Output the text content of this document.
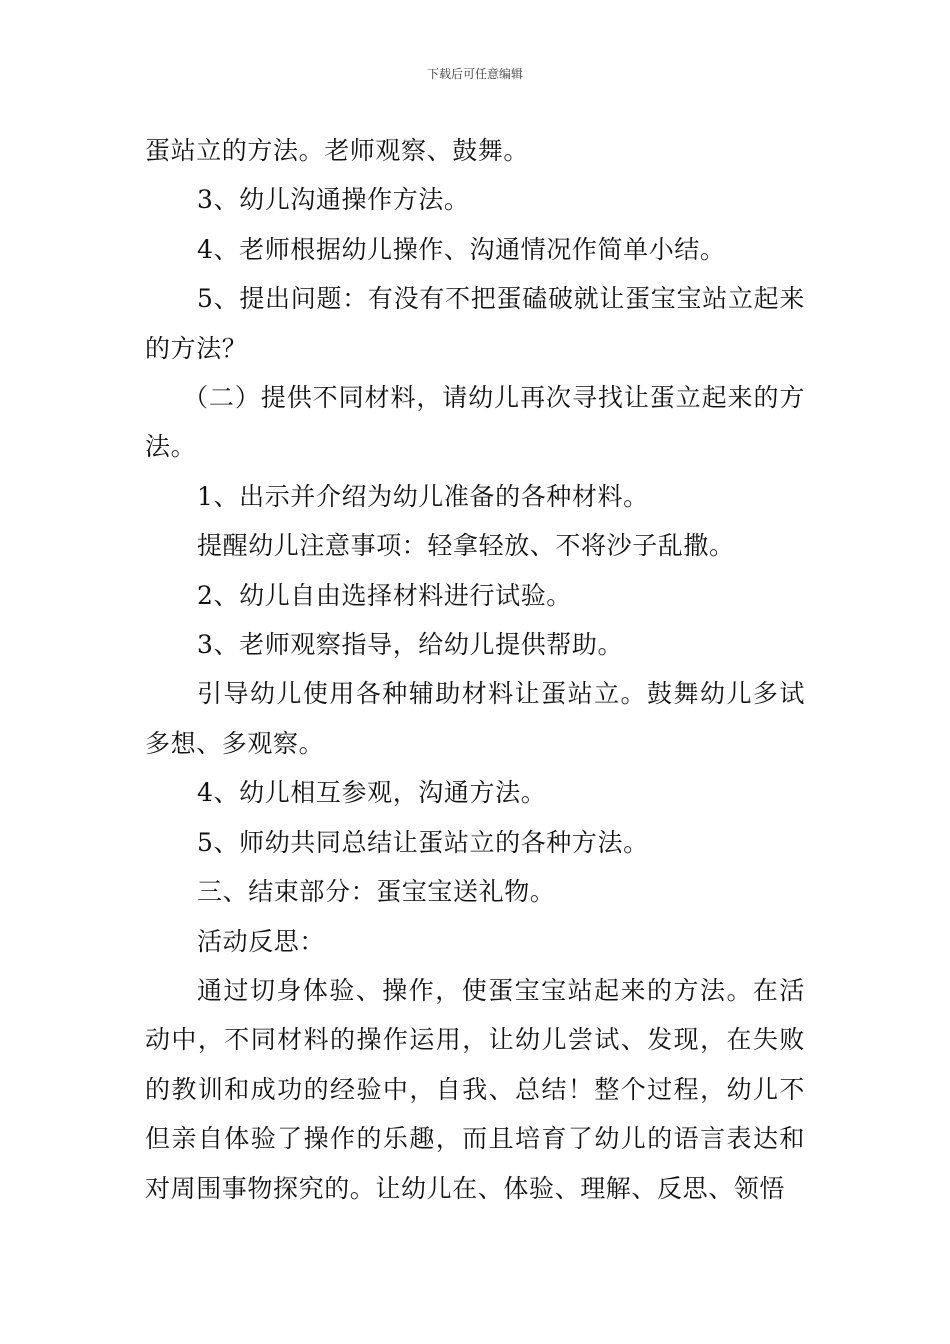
下载后可任意编辑

蛋站立的方法。老师观察、鼓舞。

3、幼儿沟通操作方法。

4、老师根据幼儿操作、沟通情况作简单小结。

5、提出问题：有没有不把蛋磕破就让蛋宝宝站立起来的方法？

（二）提供不同材料，请幼儿再次寻找让蛋立起来的方法。

1、出示并介绍为幼儿准备的各种材料。

提醒幼儿注意事项：轻拿轻放、不将沙子乱撒。

2、幼儿自由选择材料进行试验。

3、老师观察指导，给幼儿提供帮助。

引导幼儿使用各种辅助材料让蛋站立。鼓舞幼儿多试多想、多观察。

4、幼儿相互参观，沟通方法。

5、师幼共同总结让蛋站立的各种方法。

三、结束部分：蛋宝宝送礼物。

活动反思：

通过切身体验、操作，使蛋宝宝站起来的方法。在活动中，不同材料的操作运用，让幼儿尝试、发现，在失败的教训和成功的经验中，自我、总结！整个过程，幼儿不但亲自体验了操作的乐趣，而且培育了幼儿的语言表达和对周围事物探究的。让幼儿在、体验、理解、反思、领悟
